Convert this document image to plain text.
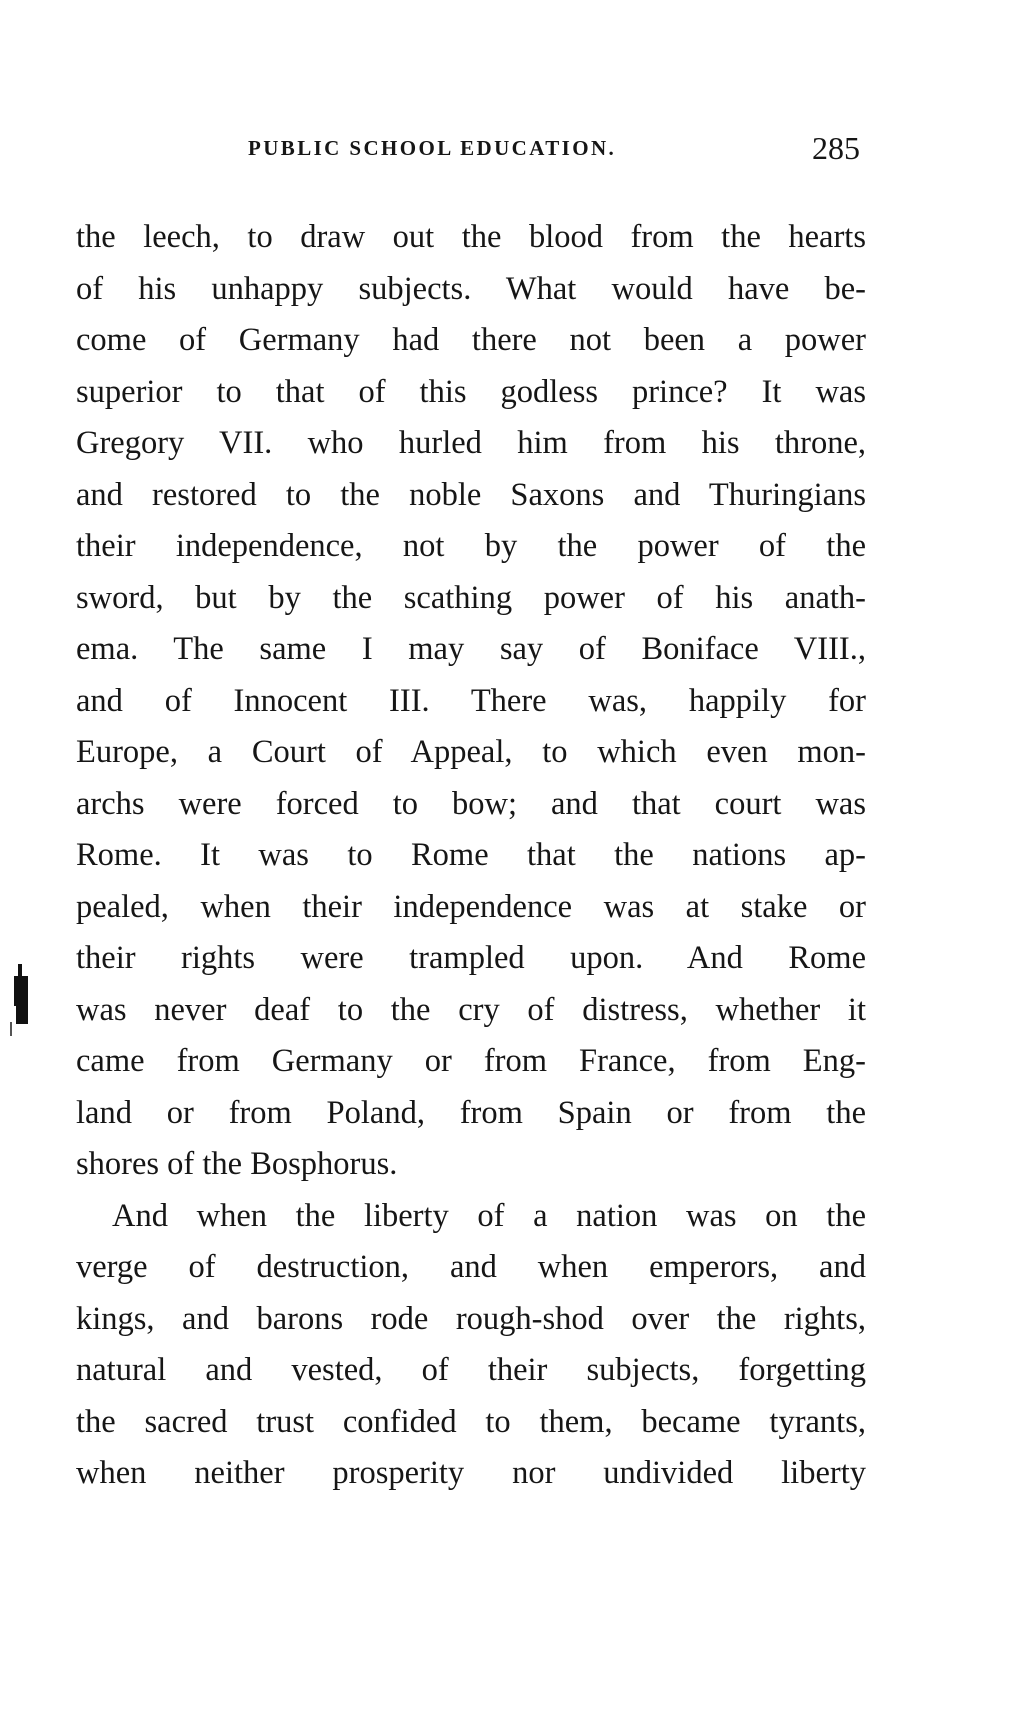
PUBLIC SCHOOL EDUCATION.	285
the leech, to draw out the blood from the hearts
of his unhappy subjects. What would have be-
come of Germany had there not been a power
superior to that of this godless prince? It was
Gregory VII. who hurled him from his throne,
and restored to the noble Saxons and Thuringians
their independence, not by the power of the
sword, but by the scathing power of his anath-
ema. The same I may say of Boniface VIII.,
and of Innocent III. There was, happily for
Europe, a Court of Appeal, to which even mon-
archs were forced to bow; and that court was
Rome. It was to Rome that the nations ap-
pealed, when their independence was at stake or
their rights were trampled upon. And Rome
was never deaf to the cry of distress, whether it
came from Germany or from France, from Eng-
land or from Poland, from Spain or from the
shores of the Bosphorus.
And when the liberty of a nation was on the
verge of destruction, and when emperors, and
kings, and barons rode rough-shod over the rights,
natural and vested, of their subjects, forgetting
the sacred trust confided to them, became tyrants,
when neither prosperity nor undivided liberty
